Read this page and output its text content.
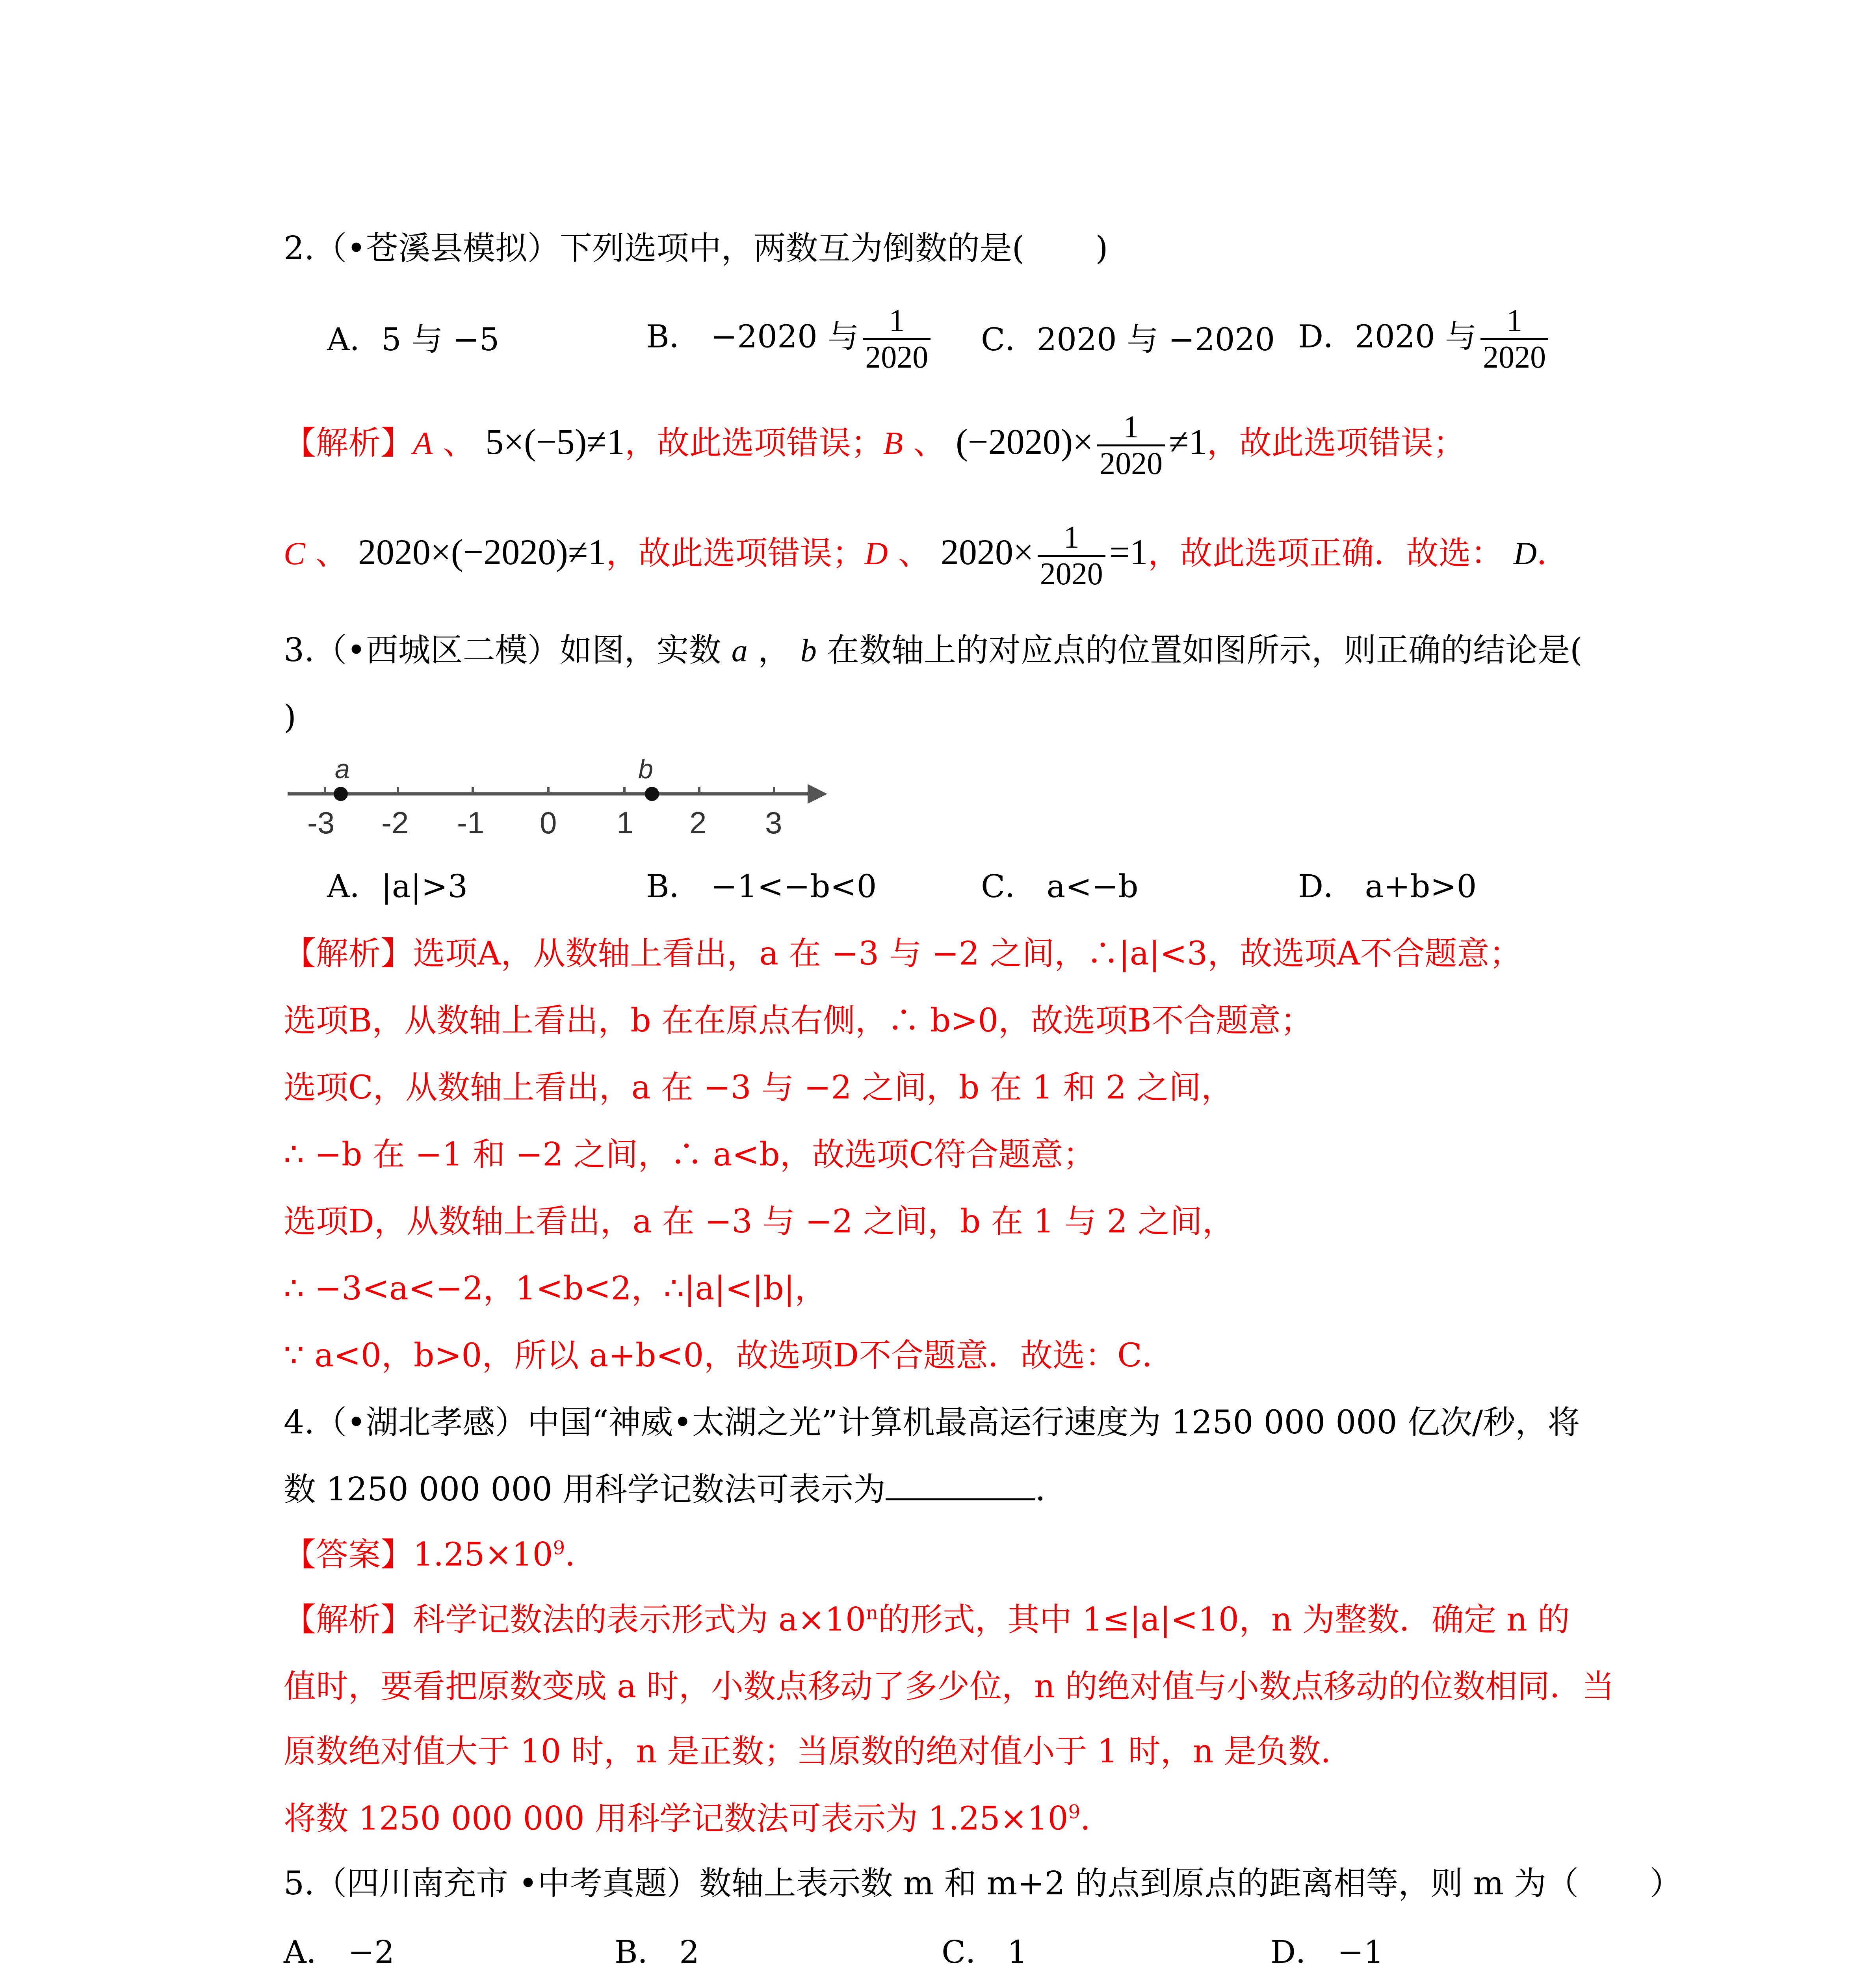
2.（•苍溪县模拟）下列选项中，两数互为倒数的是( )
A．5 与 −5	B． −2020 与 $\frac{1}{2020}$ C．2020 与 −2020 D．2020 与 $\frac{1}{2020}$
【解析】A 、 5×(−5)≠1，故此选项错误；B 、 $(-2020)\times \frac{1}{2020} \ne 1$，故此选项错误；
C 、 2020×(−2020)≠1，故此选项错误；D 、 $2020\times \frac{1}{2020} =1$，故此选项正确．故选： D．
3.（•西城区二模）如图，实数 a ， b 在数轴上的对应点的位置如图所示，则正确的结论是(
)
a	b
-3 -2 -1 0 1 2 3
A．|a|>3	B． −1<−b<0	C． a<−b	D． a+b>0
【解析】选项A，从数轴上看出，a 在 −3 与 −2 之间，∴|a|<3，故选项A不合题意；
选项B，从数轴上看出，b 在在原点右侧，∴ b>0，故选项B不合题意；
选项C，从数轴上看出，a 在 −3 与 −2 之间，b 在 1 和 2 之间，
∴ −b 在 −1 和 −2 之间，∴ a<b，故选项C符合题意；
选项D，从数轴上看出，a 在 −3 与 −2 之间，b 在 1 与 2 之间，
∴ −3<a<−2，1<b<2，∴|a|<|b|，
∵ a<0，b>0，所以 a+b<0，故选项D不合题意．故选：C．
4.（•湖北孝感）中国“神威•太湖之光”计算机最高运行速度为 1250 000 000 亿次/秒，将
数 1250 000 000 用科学记数法可表示为	．
【答案】$1.25\times 10^9$．
【解析】科学记数法的表示形式为 $a\times 10^n$的形式，其中 1≤|a|<10，n 为整数．确定 n 的
值时，要看把原数变成 a 时，小数点移动了多少位，n 的绝对值与小数点移动的位数相同．当
原数绝对值大于 10 时，n 是正数；当原数的绝对值小于 1 时，n 是负数．
将数 1250 000 000 用科学记数法可表示为 $1.25\times 10^9$．
5.（四川南充市 •中考真题）数轴上表示数 m 和 m+2 的点到原点的距离相等，则 m 为（ ）
A． −2	B． 2	C． 1	D． −1
